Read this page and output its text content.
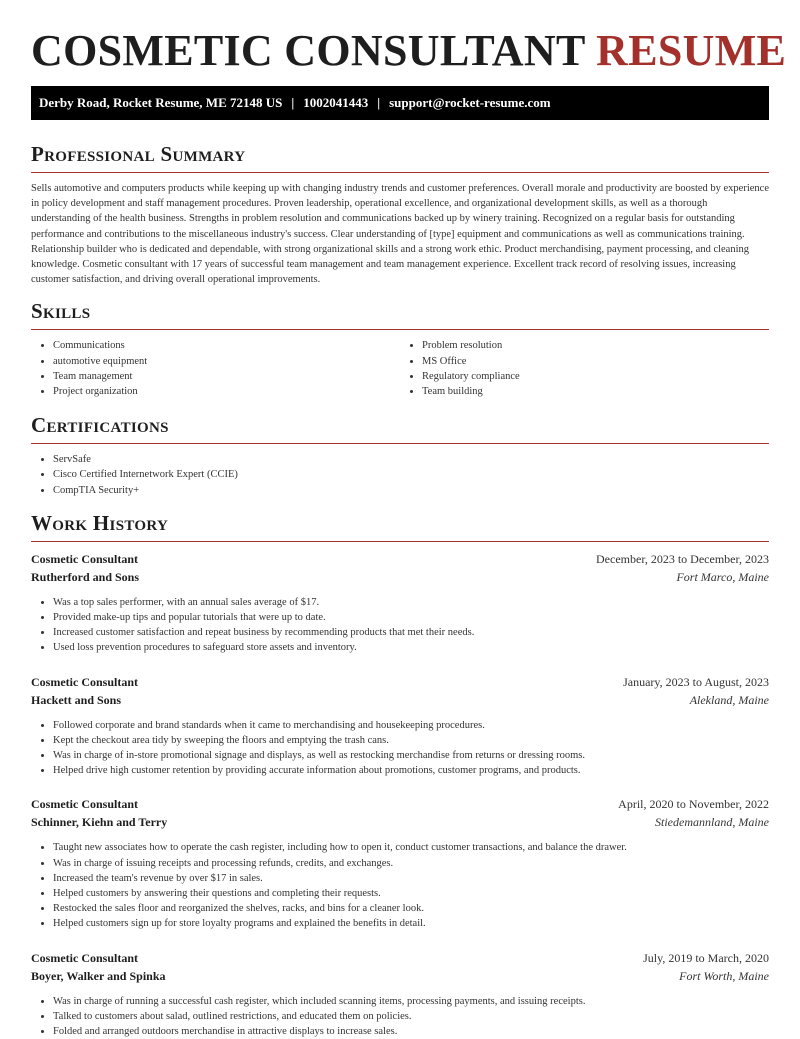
COSMETIC CONSULTANT RESUME
Derby Road, Rocket Resume, ME 72148 US | 1002041443 | support@rocket-resume.com
Professional Summary

Sells automotive and computers products while keeping up with changing industry trends and customer preferences. Overall morale and productivity are boosted by experience in policy development and staff management procedures. Proven leadership, operational excellence, and organizational development skills, as well as a thorough understanding of the health business. Strengths in problem resolution and communications backed up by winery training. Recognized on a regular basis for outstanding performance and contributions to the miscellaneous industry's success. Clear understanding of [type] equipment and communications as well as communications training. Relationship builder who is dedicated and dependable, with strong organizational skills and a strong work ethic. Product merchandising, payment processing, and cleaning knowledge. Cosmetic consultant with 17 years of successful team management and team management experience. Excellent track record of resolving issues, increasing customer satisfaction, and driving overall operational improvements.

Skills
• Communications
• automotive equipment
• Team management
• Project organization
• Problem resolution
• MS Office
• Regulatory compliance
• Team building
Certifications
• ServSafe
• Cisco Certified Internetwork Expert (CCIE)
• CompTIA Security+
Work History
Cosmetic Consultant	December, 2023 to December, 2023
Rutherford and Sons	Fort Marco, Maine
• Was a top sales performer, with an annual sales average of $17.
• Provided make-up tips and popular tutorials that were up to date.
• Increased customer satisfaction and repeat business by recommending products that met their needs.
• Used loss prevention procedures to safeguard store assets and inventory.
Cosmetic Consultant	January, 2023 to August, 2023
Hackett and Sons	Alekland, Maine
• Followed corporate and brand standards when it came to merchandising and housekeeping procedures.
• Kept the checkout area tidy by sweeping the floors and emptying the trash cans.
• Was in charge of in-store promotional signage and displays, as well as restocking merchandise from returns or dressing rooms.
• Helped drive high customer retention by providing accurate information about promotions, customer programs, and products.
Cosmetic Consultant	April, 2020 to November, 2022
Schinner, Kiehn and Terry	Stiedemannland, Maine
• Taught new associates how to operate the cash register, including how to open it, conduct customer transactions, and balance the drawer.
• Was in charge of issuing receipts and processing refunds, credits, and exchanges.
• Increased the team's revenue by over $17 in sales.
• Helped customers by answering their questions and completing their requests.
• Restocked the sales floor and reorganized the shelves, racks, and bins for a cleaner look.
• Helped customers sign up for store loyalty programs and explained the benefits in detail.
Cosmetic Consultant	July, 2019 to March, 2020
Boyer, Walker and Spinka	Fort Worth, Maine
• Was in charge of running a successful cash register, which included scanning items, processing payments, and issuing receipts.
• Talked to customers about salad, outlined restrictions, and educated them on policies.
• Folded and arranged outdoors merchandise in attractive displays to increase sales.
